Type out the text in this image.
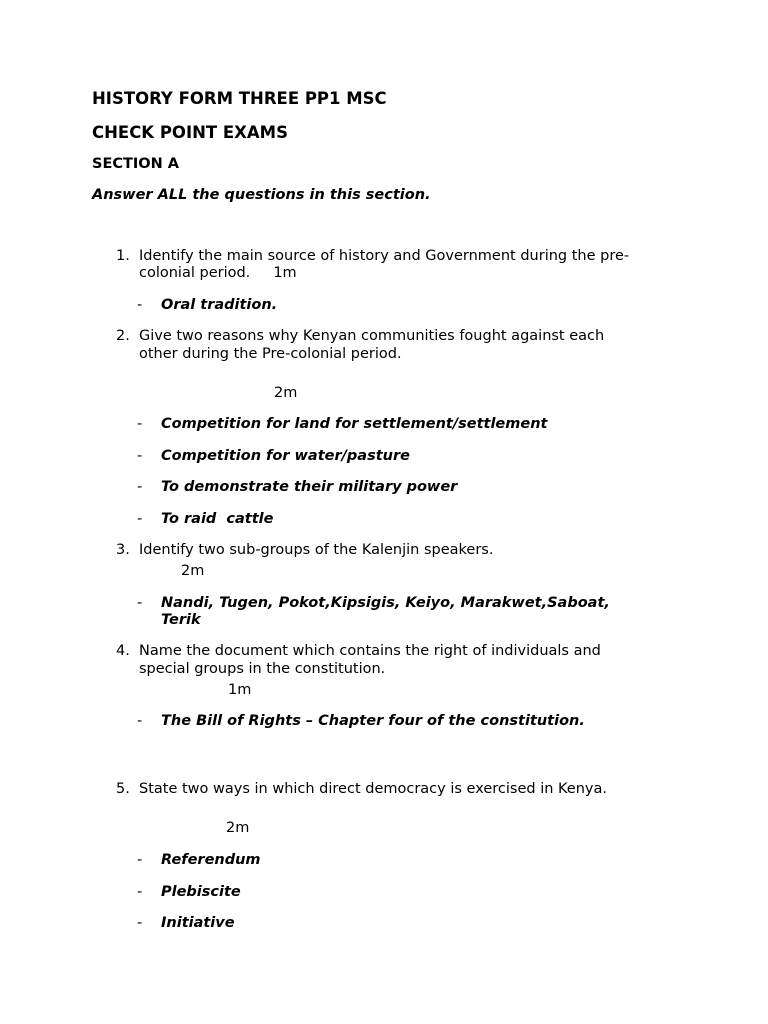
HISTORY FORM THREE PP1 MSC
CHECK POINT EXAMS
SECTION A
Answer ALL the questions in this section.
1. Identify the main source of history and Government during the pre-
colonial period.     1m
- Oral tradition.
2. Give two reasons why Kenyan communities fought against each
other during the Pre-colonial period.
2m
- Competition for land for settlement/settlement
- Competition for water/pasture
- To demonstrate their military power
- To raid  cattle
3. Identify two sub-groups of the Kalenjin speakers.
2m
- Nandi, Tugen, Pokot,Kipsigis, Keiyo, Marakwet,Saboat,
Terik
4. Name the document which contains the right of individuals and
special groups in the constitution.
1m
- The Bill of Rights – Chapter four of the constitution.
5. State two ways in which direct democracy is exercised in Kenya.
2m
- Referendum
- Plebiscite
- Initiative
